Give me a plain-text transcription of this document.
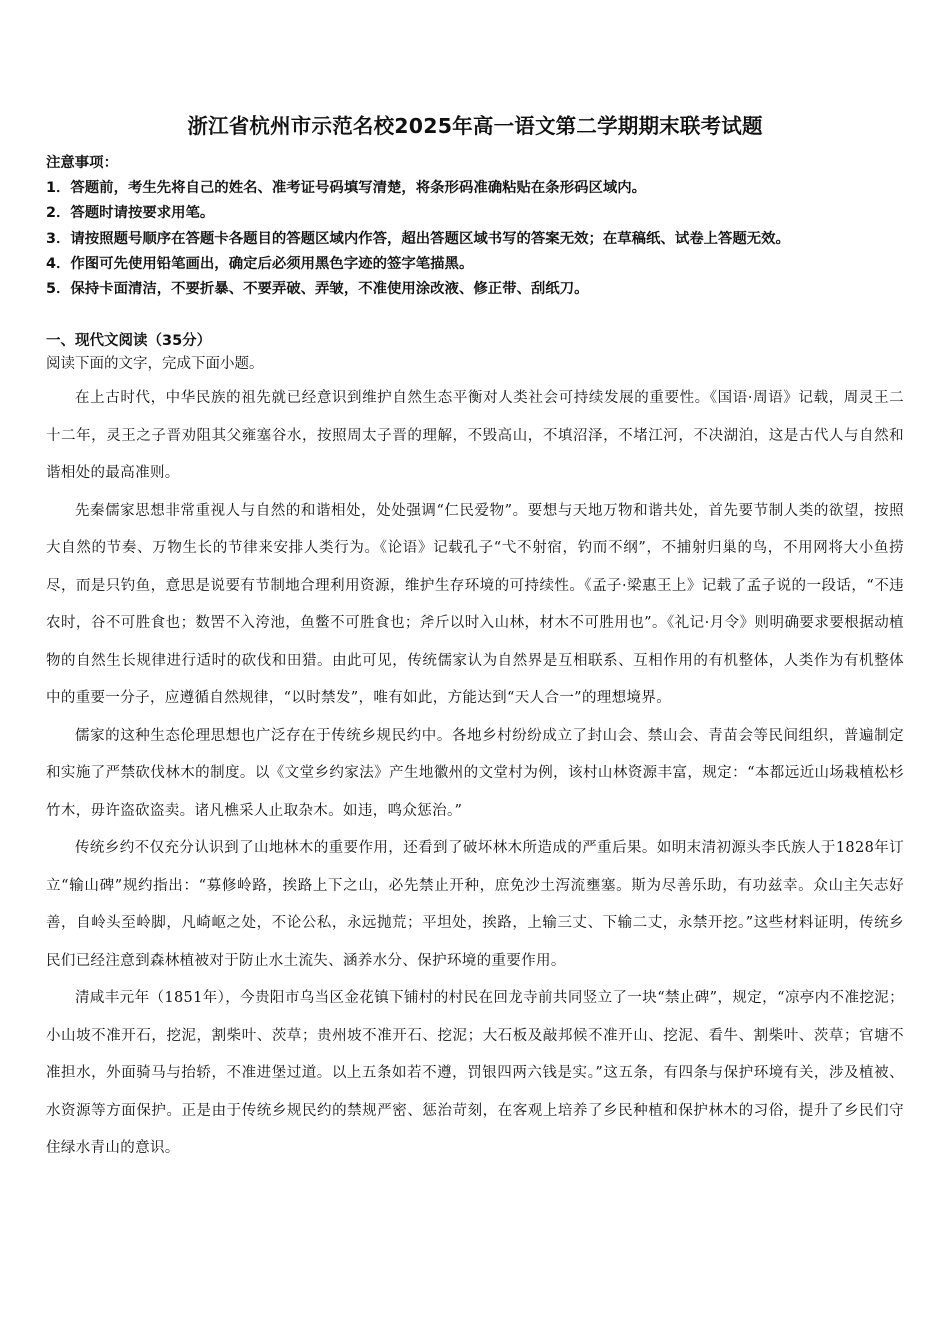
浙江省杭州市示范名校2025年高一语文第二学期期末联考试题
注意事项：
1．答题前，考生先将自己的姓名、准考证号码填写清楚，将条形码准确粘贴在条形码区域内。
2．答题时请按要求用笔。
3．请按照题号顺序在答题卡各题目的答题区域内作答，超出答题区域书写的答案无效；在草稿纸、试卷上答题无效。
4．作图可先使用铅笔画出，确定后必须用黑色字迹的签字笔描黑。
5．保持卡面清洁，不要折暴、不要弄破、弄皱，不准使用涂改液、修正带、刮纸刀。
一、现代文阅读（35分）
阅读下面的文字，完成下面小题。

在上古时代，中华民族的祖先就已经意识到维护自然生态平衡对人类社会可持续发展的重要性。《国语·周语》记载，周灵王二十二年，灵王之子晋劝阻其父雍塞谷水，按照周太子晋的理解，不毁高山，不填沼泽，不堵江河，不决湖泊，这是古代人与自然和谐相处的最高准则。

先秦儒家思想非常重视人与自然的和谐相处，处处强调“仁民爱物”。要想与天地万物和谐共处，首先要节制人类的欲望，按照大自然的节奏、万物生长的节律来安排人类行为。《论语》记载孔子“弋不射宿，钓而不纲”，不捕射归巢的鸟，不用网将大小鱼捞尽，而是只钓鱼，意思是说要有节制地合理利用资源，维护生存环境的可持续性。《孟子·梁惠王上》记载了孟子说的一段话，“不违农时，谷不可胜食也；数罟不入洿池，鱼鳖不可胜食也；斧斤以时入山林，材木不可胜用也”。《礼记·月令》则明确要求要根据动植物的自然生长规律进行适时的砍伐和田猎。由此可见，传统儒家认为自然界是互相联系、互相作用的有机整体，人类作为有机整体中的重要一分子，应遵循自然规律，“以时禁发”，唯有如此，方能达到“天人合一”的理想境界。

儒家的这种生态伦理思想也广泛存在于传统乡规民约中。各地乡村纷纷成立了封山会、禁山会、青苗会等民间组织，普遍制定和实施了严禁砍伐林木的制度。以《文堂乡约家法》产生地徽州的文堂村为例，该村山林资源丰富，规定：“本都远近山场栽植松杉竹木，毋许盗砍盗卖。诸凡樵采人止取杂木。如违，鸣众惩治。”

传统乡约不仅充分认识到了山地林木的重要作用，还看到了破坏林木所造成的严重后果。如明末清初源头李氏族人于1828年订立“输山碑”规约指出：“募修岭路，挨路上下之山，必先禁止开种，庶免沙土泻流壅塞。斯为尽善乐助，有功兹幸。众山主矢志好善，自岭头至岭脚，凡崎岖之处，不论公私，永远抛荒；平坦处，挨路，上输三丈、下输二丈，永禁开挖。”这些材料证明，传统乡民们已经注意到森林植被对于防止水土流失、涵养水分、保护环境的重要作用。

清咸丰元年（1851年），今贵阳市乌当区金花镇下铺村的村民在回龙寺前共同竖立了一块“禁止碑”，规定，“凉亭内不准挖泥；小山坡不准开石，挖泥，割柴叶、茨草；贵州坡不准开石、挖泥；大石板及敲邦候不准开山、挖泥、看牛、割柴叶、茨草；官塘不准担水，外面骑马与抬轿，不准进堡过道。以上五条如若不遵，罚银四两六钱是实。”这五条，有四条与保护环境有关，涉及植被、水资源等方面保护。正是由于传统乡规民约的禁规严密、惩治苛刻，在客观上培养了乡民种植和保护林木的习俗，提升了乡民们守住绿水青山的意识。
